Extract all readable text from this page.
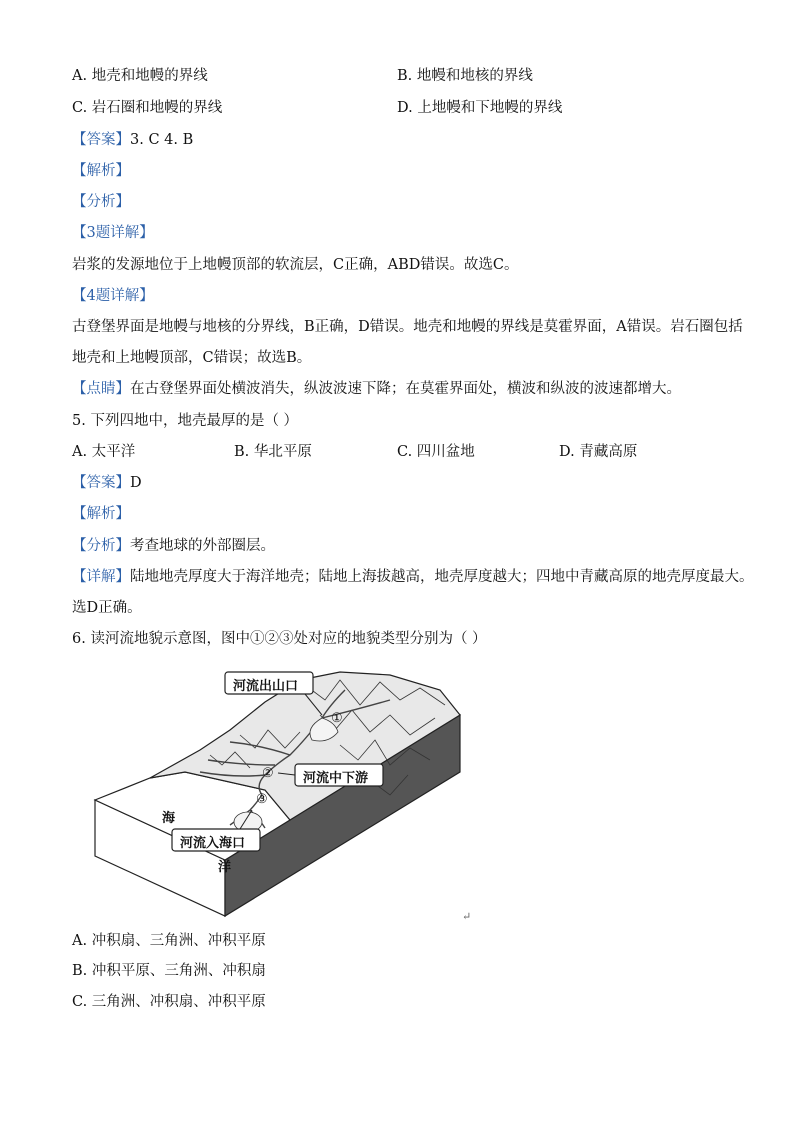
A. 地壳和地幔的界线	B. 地幔和地核的界线
C. 岩石圈和地幔的界线	D. 上地幔和下地幔的界线
【答案】3. C 4. B
【解析】
【分析】
【3题详解】
岩浆的发源地位于上地幔顶部的软流层，C正确，ABD错误。故选C。
【4题详解】
古登堡界面是地幔与地核的分界线，B正确，D错误。地壳和地幔的界线是莫霍界面，A错误。岩石圈包括
地壳和上地幔顶部，C错误；故选B。
【点睛】在古登堡界面处横波消失，纵波波速下降；在莫霍界面处，横波和纵波的波速都增大。
5. 下列四地中，地壳最厚的是（ ）
A. 太平洋	B. 华北平原	C. 四川盆地	D. 青藏高原
【答案】D
【解析】
【分析】考查地球的外部圈层。
【详解】陆地地壳厚度大于海洋地壳；陆地上海拔越高，地壳厚度越大；四地中青藏高原的地壳厚度最大。
选D正确。
6. 读河流地貌示意图，图中①②③处对应的地貌类型分别为（ ）
河流出山口
河流中下游
河流入海口
①
②
③
海
洋
↵
A. 冲积扇、三角洲、冲积平原
B. 冲积平原、三角洲、冲积扇
C. 三角洲、冲积扇、冲积平原
